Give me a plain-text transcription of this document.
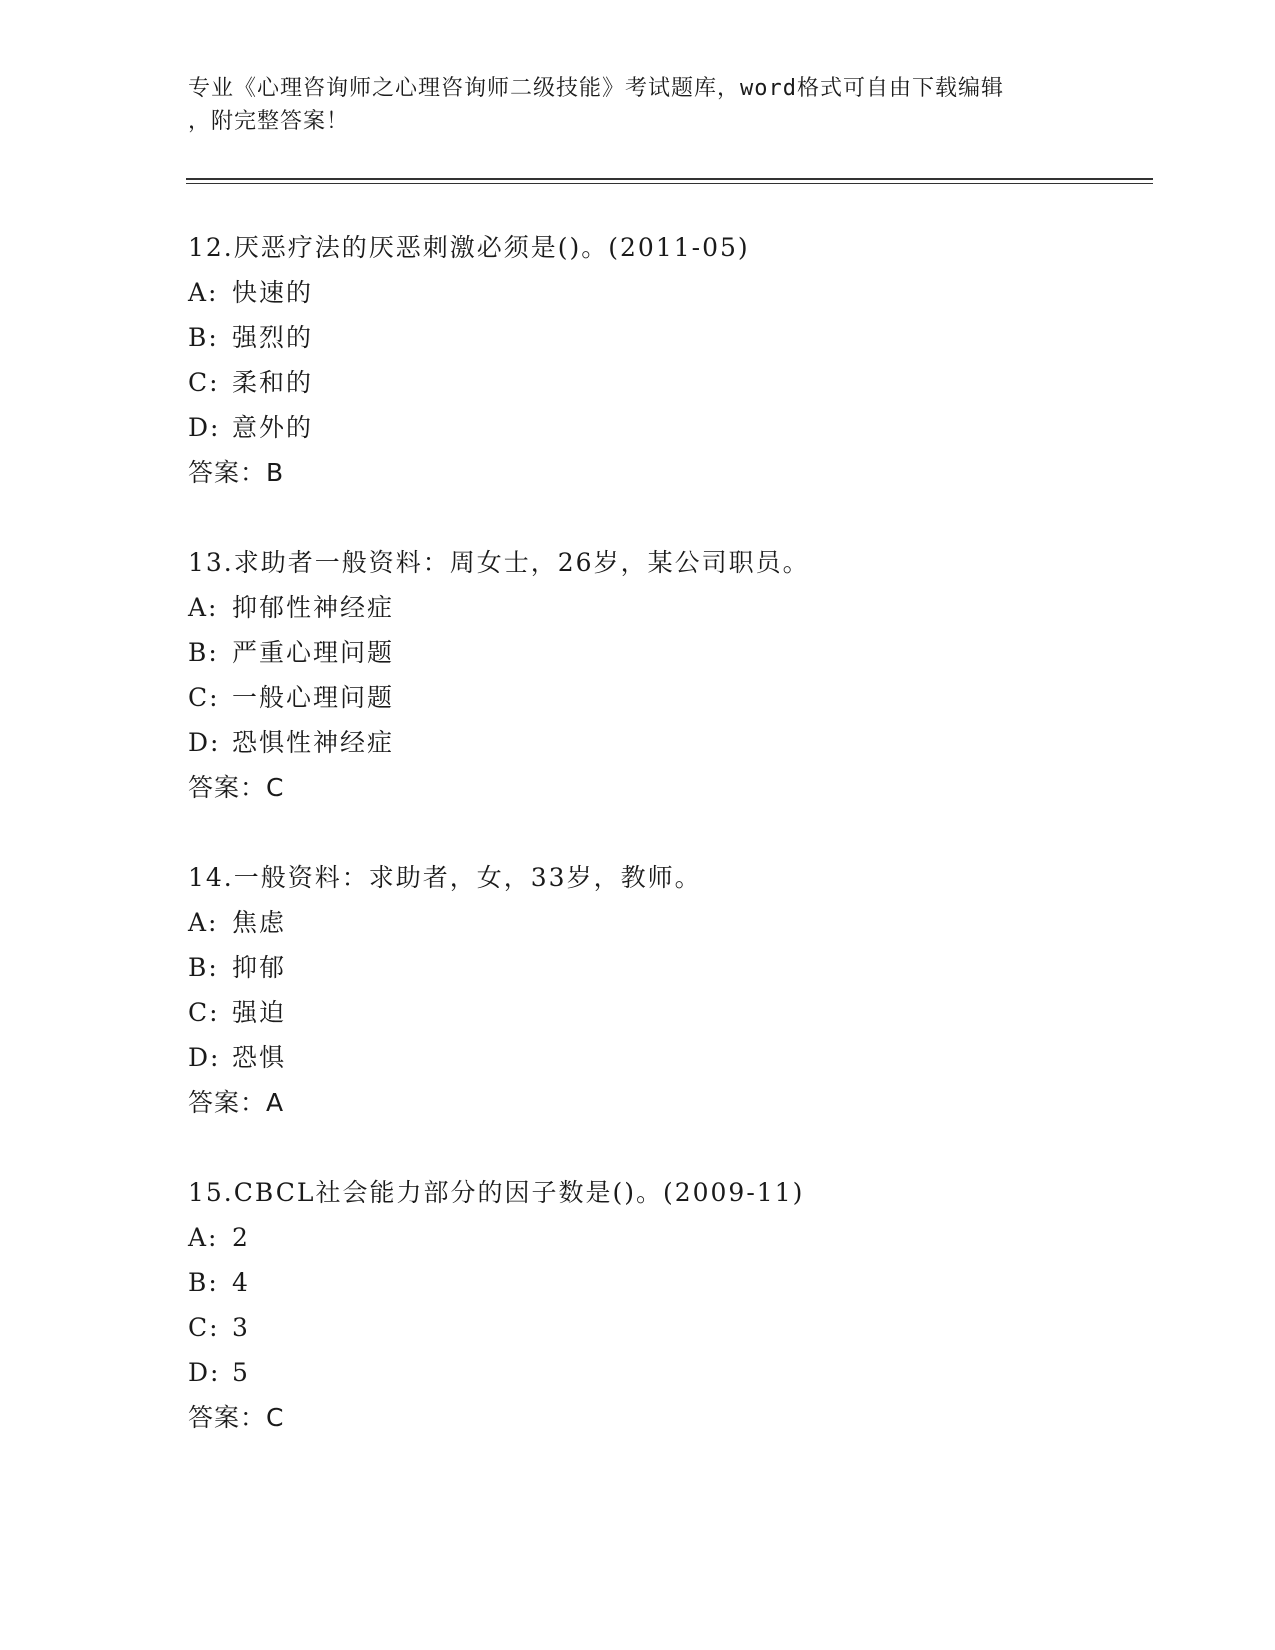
专业《心理咨询师之心理咨询师二级技能》考试题库，word格式可自由下载编辑
，附完整答案！
12.厌恶疗法的厌恶刺激必须是()。(2011-05)
A: 快速的
B: 强烈的
C: 柔和的
D: 意外的
答案：B
13.求助者一般资料：周女士，26岁，某公司职员。
A: 抑郁性神经症
B: 严重心理问题
C: 一般心理问题
D: 恐惧性神经症
答案：C
14.一般资料：求助者，女，33岁，教师。
A: 焦虑
B: 抑郁
C: 强迫
D: 恐惧
答案：A
15.CBCL社会能力部分的因子数是()。(2009-11)
A: 2
B: 4
C: 3
D: 5
答案：C
